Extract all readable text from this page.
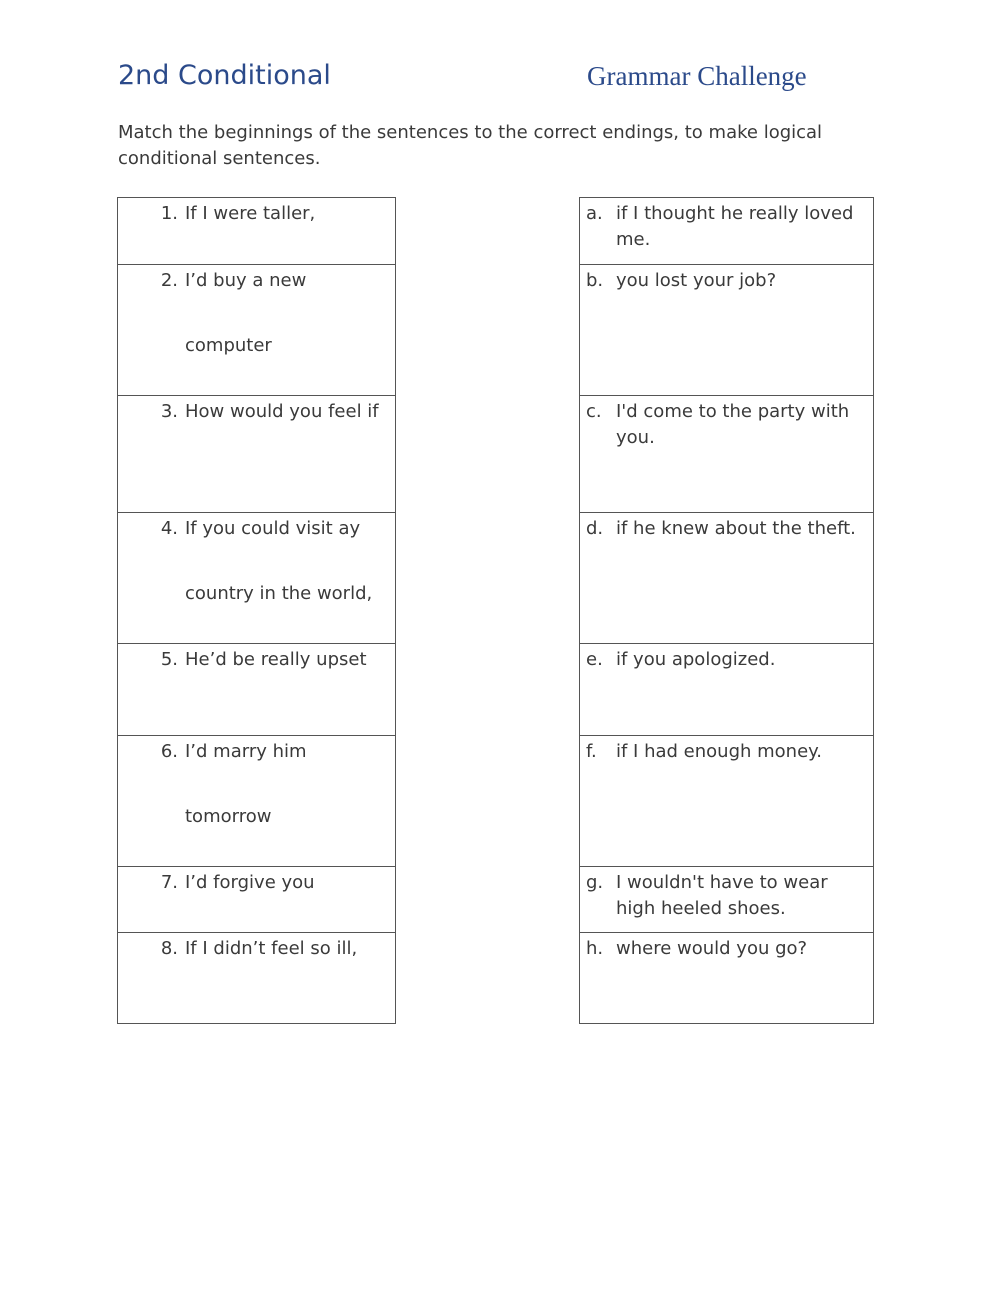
2nd Conditional	Grammar Challenge
Match the beginnings of the sentences to the correct endings, to make logical conditional sentences.
1. If I were taller,
2. I’d buy a new
computer
3. How would you feel if
4. If you could visit ay
country in the world,
5. He’d be really upset
6. I’d marry him
tomorrow
7. I’d forgive you
8. If I didn’t feel so ill,
a. if I thought he really loved me.
b. you lost your job?
c. I'd come to the party with you.
d. if he knew about the theft.
e. if you apologized.
f.	if I had enough money.
g. I wouldn't have to wear high heeled shoes.
h. where would you go?
